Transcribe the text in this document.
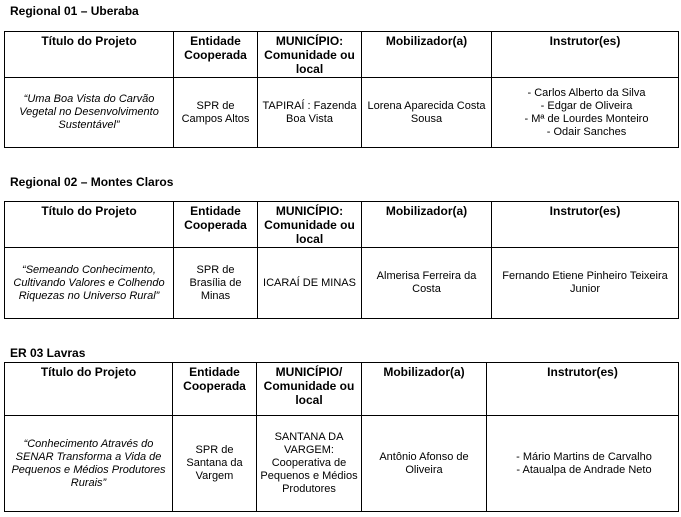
Regional 01 – Uberaba
Título do Projeto	Entidade Cooperada	MUNICÍPIO: Comunidade ou local	Mobilizador(a)	Instrutor(es)
“Uma Boa Vista do Carvão Vegetal no Desenvolvimento Sustentável”	SPR de Campos Altos	TAPIRAÍ : Fazenda Boa Vista	Lorena Aparecida Costa Sousa	- Carlos Alberto da Silva
- Edgar de Oliveira
- Mª de Lourdes Monteiro
- Odair Sanches
Regional 02 – Montes Claros
Título do Projeto	Entidade Cooperada	MUNICÍPIO: Comunidade ou local	Mobilizador(a)	Instrutor(es)
“Semeando Conhecimento, Cultivando Valores e Colhendo Riquezas no Universo Rural”	SPR de Brasília de Minas	ICARAÍ DE MINAS	Almerisa Ferreira da Costa	Fernando Etiene Pinheiro Teixeira Junior
ER 03 Lavras
Título do Projeto	Entidade Cooperada	MUNICÍPIO/ Comunidade ou local	Mobilizador(a)	Instrutor(es)
“Conhecimento Através do SENAR Transforma a Vida de Pequenos e Médios Produtores Rurais”	SPR de Santana da Vargem	SANTANA DA VARGEM: Cooperativa de Pequenos e Médios Produtores	Antônio Afonso de Oliveira	- Mário Martins de Carvalho
- Ataualpa de Andrade Neto
